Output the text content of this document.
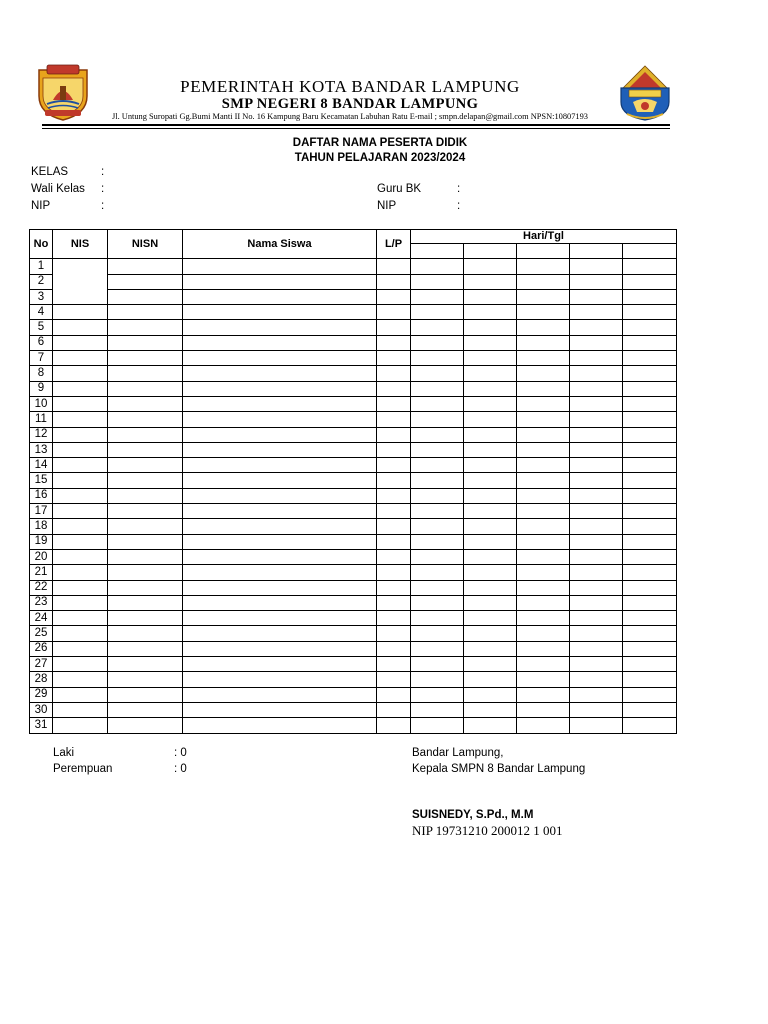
PEMERINTAH KOTA BANDAR LAMPUNG
SMP NEGERI 8 BANDAR LAMPUNG
Jl. Untung Suropati Gg.Bumi Manti II No. 16 Kampung Baru Kecamatan Labuhan Ratu E-mail ; smpn.delapan@gmail.com NPSN:10807193
DAFTAR NAMA PESERTA DIDIK
TAHUN PELAJARAN 2023/2024
KELAS	:
Wali Kelas :
NIP	:
Guru BK	:
NIP	:
No	NIS	NISN	Nama Siswa	L/P	Hari/Tgl				

1									
2									
3									
4									
5									
6									
7									
8									
9									
10									
11									
12									
13									
14									
15									
16									
17									
18									
19									
20									
21									
22									
23									
24									
25									
26									
27									
28									
29									
30									
31									
Laki	: 0
Perempuan	: 0
Bandar Lampung,
Kepala SMPN 8 Bandar Lampung
SUISNEDY, S.Pd., M.M
NIP 19731210 200012 1 001
